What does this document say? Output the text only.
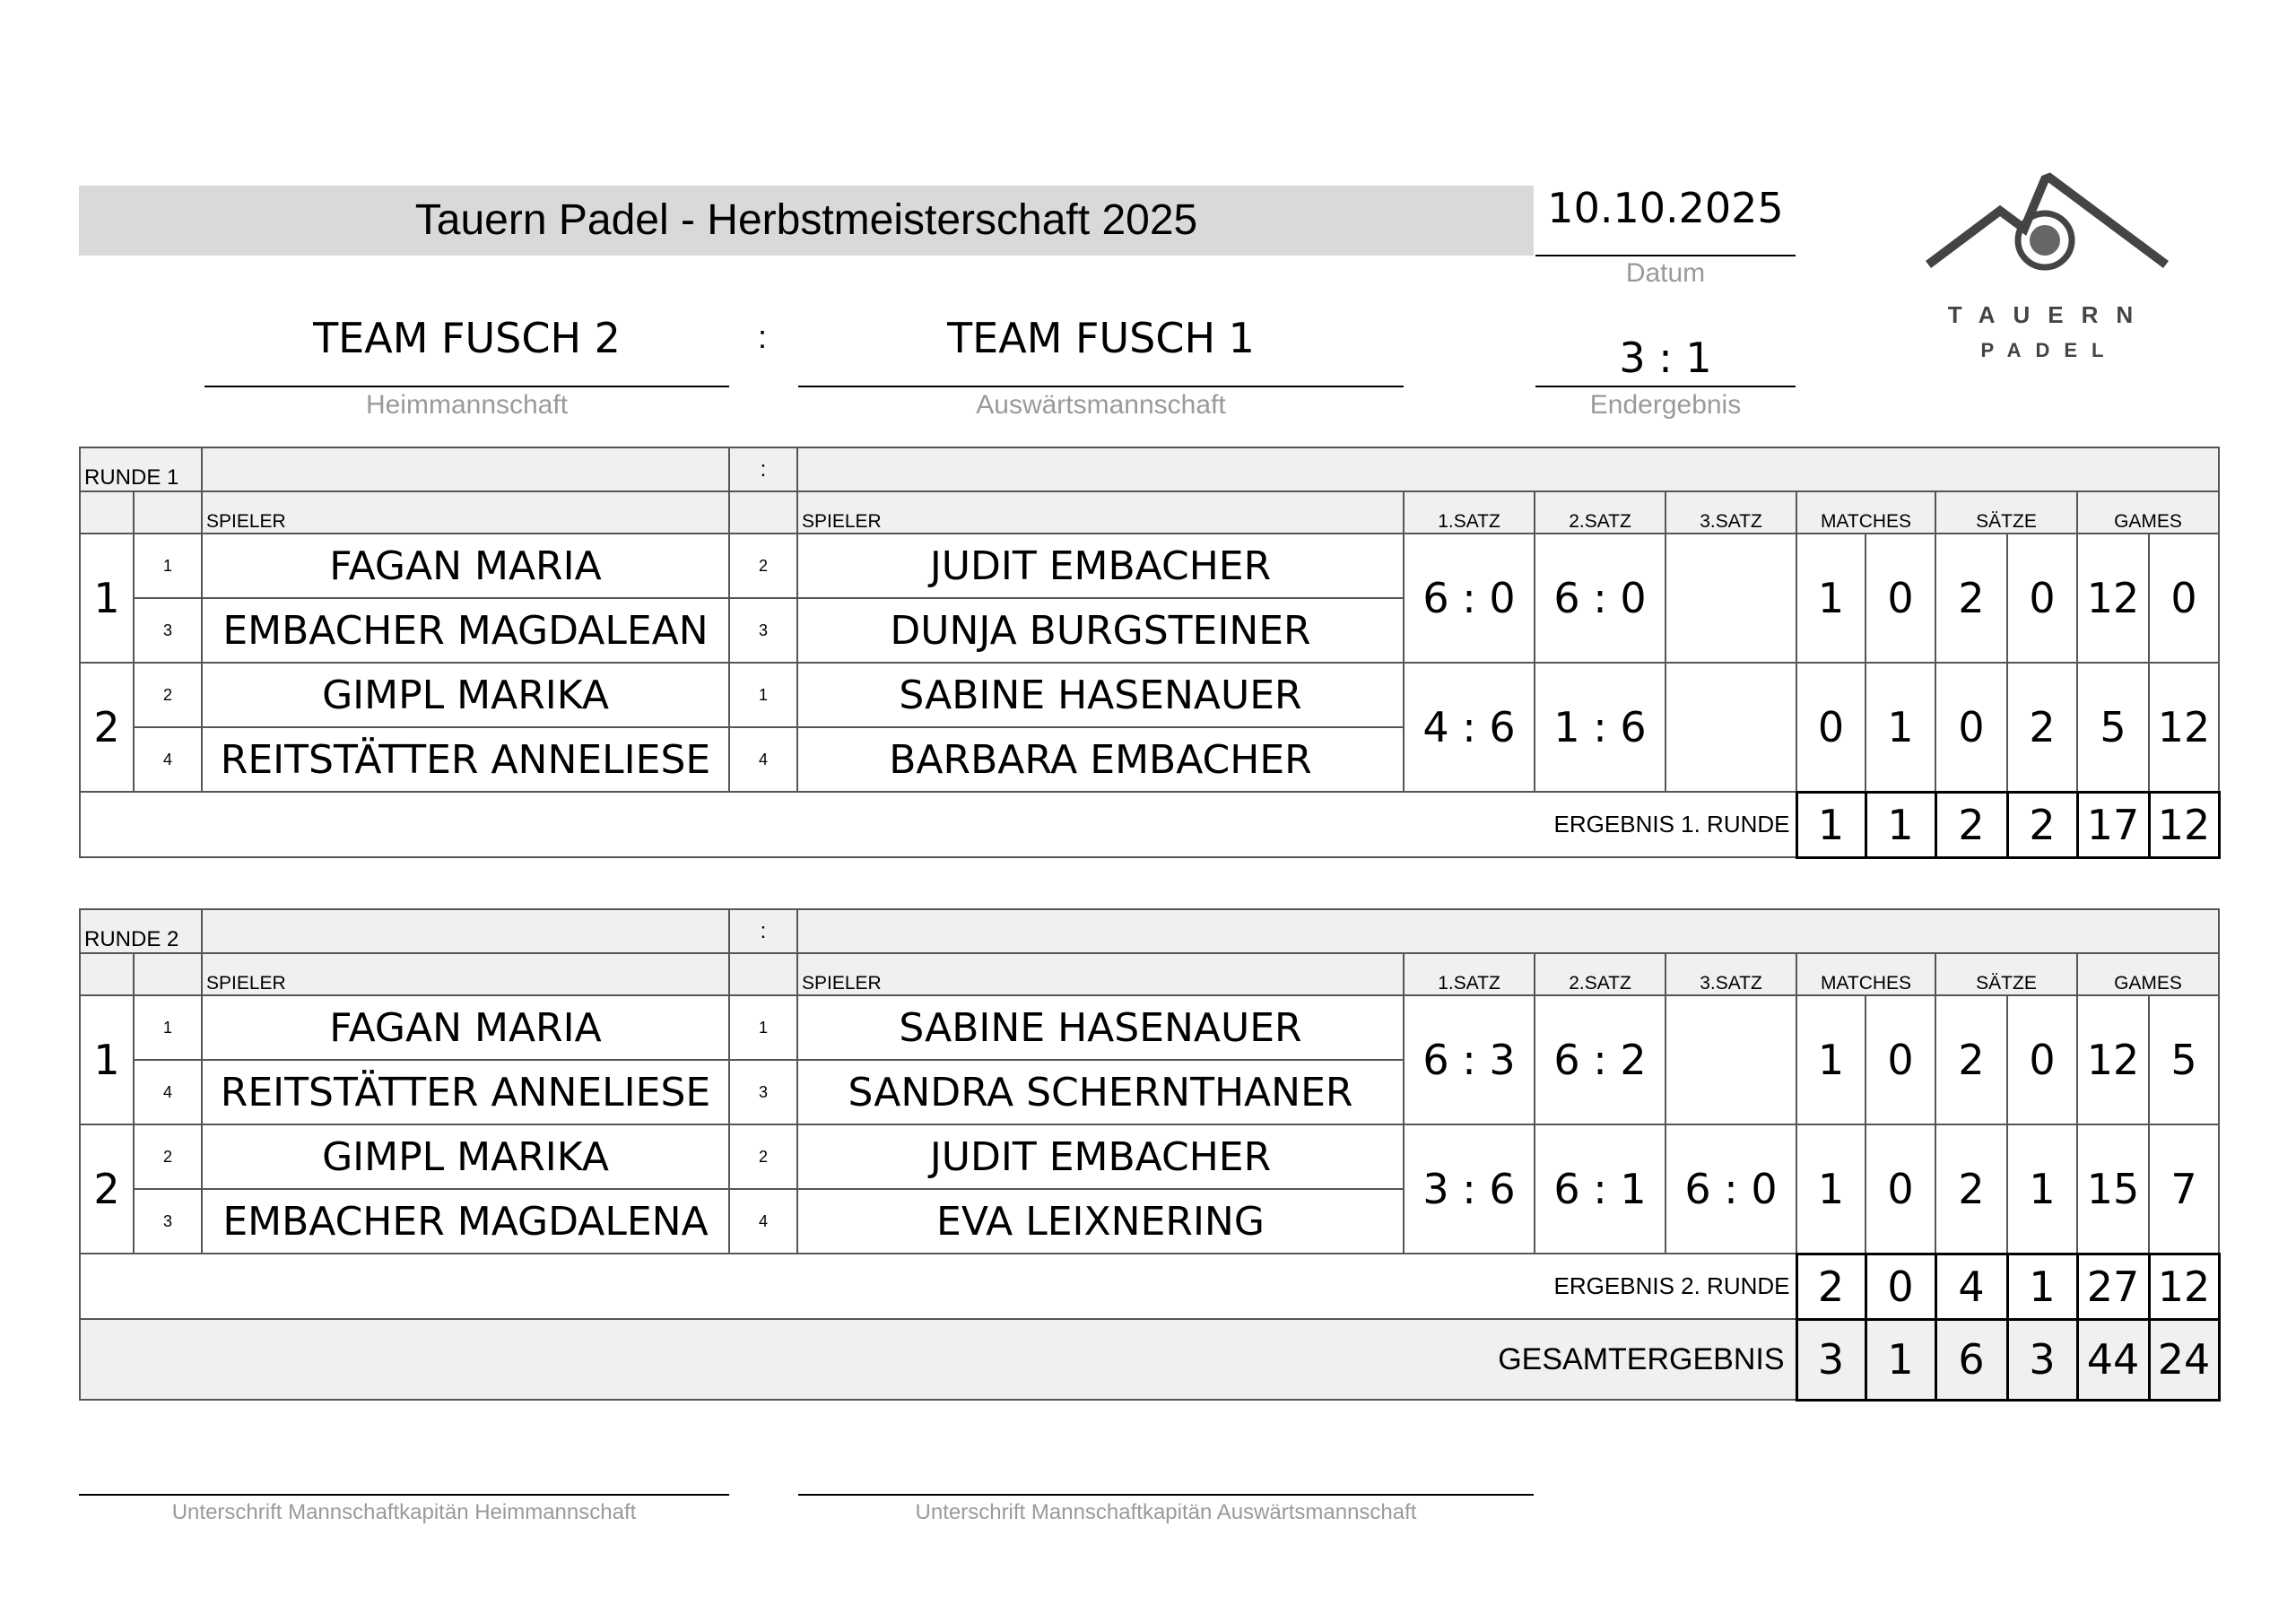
Tauern Padel - Herbstmeisterschaft 2025	10.10.2025
Datum
TEAM FUSCH 2
Heimmannschaft
:	TEAM FUSCH 1
Auswärtsmannschaft
3 : 1
Endergebnis
TAUERN
PADEL
RUNDE 1			:										
		SPIELER		SPIELER	1.SATZ	2.SATZ	3.SATZ	MATCHES		SÄTZE		GAMES	
1	1	FAGAN MARIA	2	JUDIT EMBACHER	6 : 0	6 : 0		1	0	2	0	12	0
	3	EMBACHER MAGDALEAN	3	DUNJA BURGSTEINER									
2	2	GIMPL MARIKA	1	SABINE HASENAUER	4 : 6	1 : 6		0	1	0	2	5	12
	4	REITSTÄTTER ANNELIESE	4	BARBARA EMBACHER									
ERGEBNIS 1. RUNDE								1	1	2	2	17	12
RUNDE 2			:										
		SPIELER		SPIELER	1.SATZ	2.SATZ	3.SATZ	MATCHES		SÄTZE		GAMES	
1	1	FAGAN MARIA	1	SABINE HASENAUER	6 : 3	6 : 2		1	0	2	0	12	5
	4	REITSTÄTTER ANNELIESE	3	SANDRA SCHERNTHANER									
2	2	GIMPL MARIKA	2	JUDIT EMBACHER	3 : 6	6 : 1	6 : 0	1	0	2	1	15	7
	3	EMBACHER MAGDALENA	4	EVA LEIXNERING									
ERGEBNIS 2. RUNDE								2	0	4	1	27	12
GESAMTERGEBNIS								3	1	6	3	44	24
Unterschrift Mannschaftkapitän Heimmannschaft	Unterschrift Mannschaftkapitän Auswärtsmannschaft
